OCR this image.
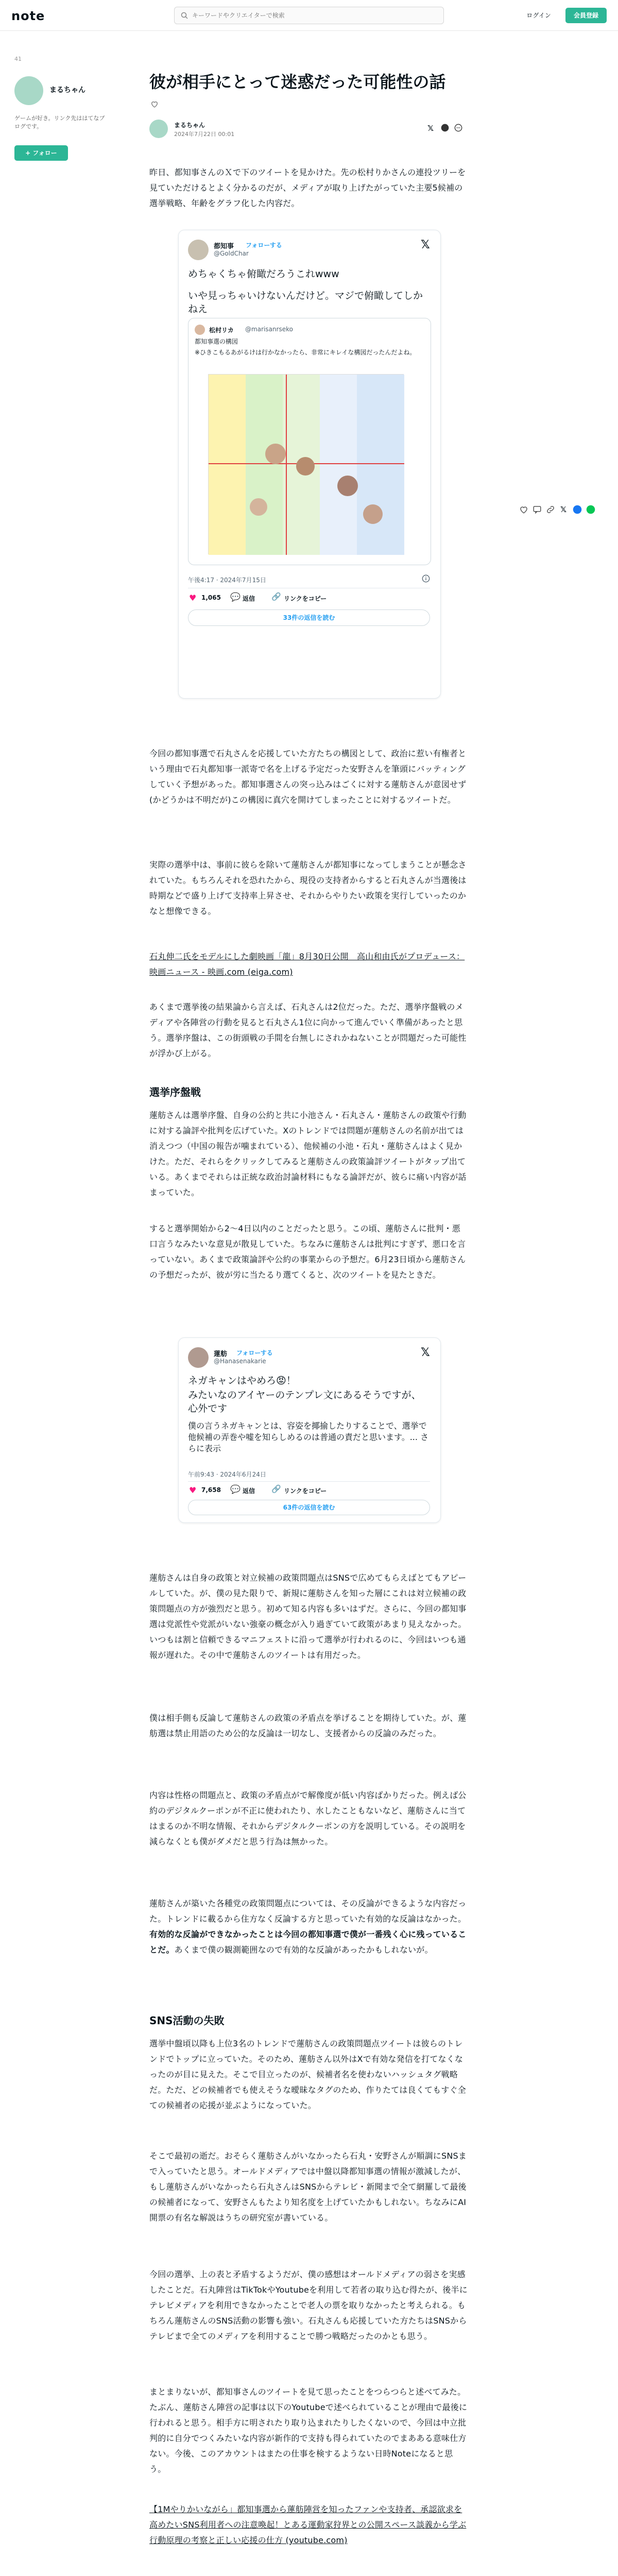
note
キーワードやクリエイターで検索	ログイン	会員登録
41
まるちゃん
ゲームが好き。リンク先ははてなブログです。
+ フォロー
𝕏
彼が相手にとって迷惑だった可能性の話
まるちゃん
2024年7月22日 00:01
𝕏

昨日、都知事さんのＸで下のツイートを見かけた。先の松村りかさんの連投ツリーを見ていただけるとよく分かるのだが、メディアが取り上げたがっていた主要5候補の選挙戦略、年齢をグラフ化した内容だ。

都知事 フォローする
@GoldChar
𝕏
めちゃくちゃ俯瞰だろうこれwww
いや見っちゃいけないんだけど。マジで俯瞰してしかねえ
松村リカ @marisanrseko
都知事選の構図
※ひきこもるあがるけは行かなかったら、非常にキレイな構図だったんだよね。
午後4:17 · 2024年7月15日
♥ 1,065 💬 返信 🔗 リンクをコピー
33件の返信を読む

今回の都知事選で石丸さんを応援していた方たちの構図として、政治に惹い有権者という理由で石丸都知事一派寄で名を上げる予定だった安野さんを筆頭にバッティングしていく予想があった。都知事選さんの突っ込みはごくに対する蓮舫さんが意図せず(かどうかは不明だが)この構図に真穴を開けてしまったことに対するツイートだ。

実際の選挙中は、事前に彼らを除いて蓮舫さんが都知事になってしまうことが懸念されていた。もちろんそれを恐れたから、現役の支持者からすると石丸さんが当選後は時期などで盛り上げて支持率上昇させ、それからやりたい政策を実行していったのかなと想像できる。

石丸伸二氏をモデルにした劇映画「龍」8月30日公開　高山和由氏がプロデュース：映画ニュース - 映画.com (eiga.com)

あくまで選挙後の結果論から言えば、石丸さんは2位だった。ただ、選挙序盤戦のメディアや各陣営の行動を見ると石丸さん1位に向かって進んでいく準備があったと思う。選挙序盤は、この街頭戦の手間を台無しにされかねないことが問題だった可能性が浮かび上がる。

選挙序盤戦

蓮舫さんは選挙序盤、自身の公約と共に小池さん・石丸さん・蓮舫さんの政策や行動に対する論評や批判を広げていた。Xのトレンドでは問題が蓮舫さんの名前が出ては消えつつ（中国の報告が噛まれている）、他候補の小池・石丸・蓮舫さんはよく見かけた。ただ、それらをクリックしてみると蓮舫さんの政策論評ツイートがタップ出ている。あくまでそれらは正統な政治討論材料にもなる論評だが、彼らに痛い内容が話まっていた。

すると選挙開始から2〜4日以内のことだったと思う。この頃、蓮舫さんに批判・悪口言うなみたいな意見が散見していた。ちなみに蓮舫さんは批判にすぎず、悪口を言っていない。あくまで政策論評や公約の事業からの予想だ。6月23日頃から蓮舫さんの予想だったが、彼が労に当たるり選てくると、次のツイートを見たときだ。

蓮舫 フォローする
@Hanasenakarie
𝕏
ネガキャンはやめろ😡！
みたいなのアイヤーのテンプレ文にあるそうですが、心外です
僕の言うネガキャンとは、容姿を揶揄したりすることで、選挙で他候補の弄巻や嘘を知らしめるのは普通の責だと思います。... さらに表示
午前9:43 · 2024年6月24日
♥ 7,658 💬 返信 🔗 リンクをコピー
63件の返信を読む

蓮舫さんは自身の政策と対立候補の政策問題点はSNSで広めてもらえばとてもアピールしていた。が、僕の見た限りで、新規に蓮舫さんを知った層にこれは対立候補の政策問題点の方が強烈だと思う。初めて知る内容も多いはずだ。さらに、今回の都知事選は党派性や党派がいない強豪の概念が入り過ぎていて政策があまり見えなかった。いつもは割と信頼できるマニフェストに沿って選挙が行われるのに、今回はいつも通報が遅れた。その中で蓮舫さんのツイートは有用だった。

僕は相手側も反論して蓮舫さんの政策の矛盾点を挙げることを期待していた。が、蓮舫選は禁止用語のため公的な反論は一切なし、支援者からの反論のみだった。

内容は性格の問題点と、政策の矛盾点がで解像度が低い内容ばかりだった。例えば公約のデジタルクーポンが不正に使われたり、水したこともないなど、蓮舫さんに当てはまるのか不明な情報、それからデジタルクーポンの方を説明している。その説明を減らなくとも僕がダメだと思う行為は無かった。

蓮舫さんが築いた各種党の政策問題点については、その反論ができるような内容だった。トレンドに載るから住方なく反論する方と思っていた有効的な反論はなかった。有効的な反論ができなかったことは今回の都知事選で僕が一番残く心に残っていることだ。あくまで僕の観測範囲なので有効的な反論があったかもしれないが。

SNS活動の失敗

選挙中盤頃以降も上位3名のトレンドで蓮舫さんの政策問題点ツイートは彼らのトレンドでトップに立っていた。そのため、蓮舫さん以外はXで有効な発信を打てなくなったのが目に見えた。そこで目立ったのが、候補者名を使わないハッシュタグ戦略だ。ただ、どの候補者でも使えそうな曖昧なタグのため、作りたては良くてもすぐ全ての候補者の応援が並ぶようになっていた。

そこで最初の逝だ。おそらく蓮舫さんがいなかったら石丸・安野さんが順調にSNSまで入っていたと思う。オールドメディアでは中盤以降都知事選の情報が激減したが、もし蓮舫さんがいなかったら石丸さんはSNSからテレビ・新聞まで全て網羅して最後の候補者になって、安野さんもたより知名度を上げていたかもしれない。ちなみにAI開票の有名な解説はうちの研究室が書いている。

今回の選挙、上の表と矛盾するようだが、僕の感想はオールドメディアの弱さを実感したことだ。石丸陣営はTikTokやYoutubeを利用して若者の取り込む得たが、後半にテレビメディアを利用できなかったことで老人の票を取りなかったと考えられる。もちろん蓮舫さんのSNS活動の影響も強い。石丸さんも応援していた方たちはSNSからテレビまで全てのメディアを利用することで勝つ戦略だったのかとも思う。

まとまりないが、都知事さんのツイートを見て思ったことをつらつらと述べてみた。たぶん、蓮舫さん陣営の記事は以下のYoutubeで述べられていることが理由で最後に行われると思う。相手方に明されたり取り込まれたりしたくないので、今回は中立批判的に自分でつくみたいな内容が新作的で支持も得られていたのでまあある意味仕方ない。今後、このアカウントはまたの仕事を検するようない日時Noteになると思う。

【1Mやりかいながら」都知事選から蓮舫陣営を知ったファンや支持者、承認欲求を高めたいSNS利用者への注意喚起！とある運動家狩界との公開スペース談義から学ぶ行動原理の考察と正しい応援の仕方 (youtube.com)
